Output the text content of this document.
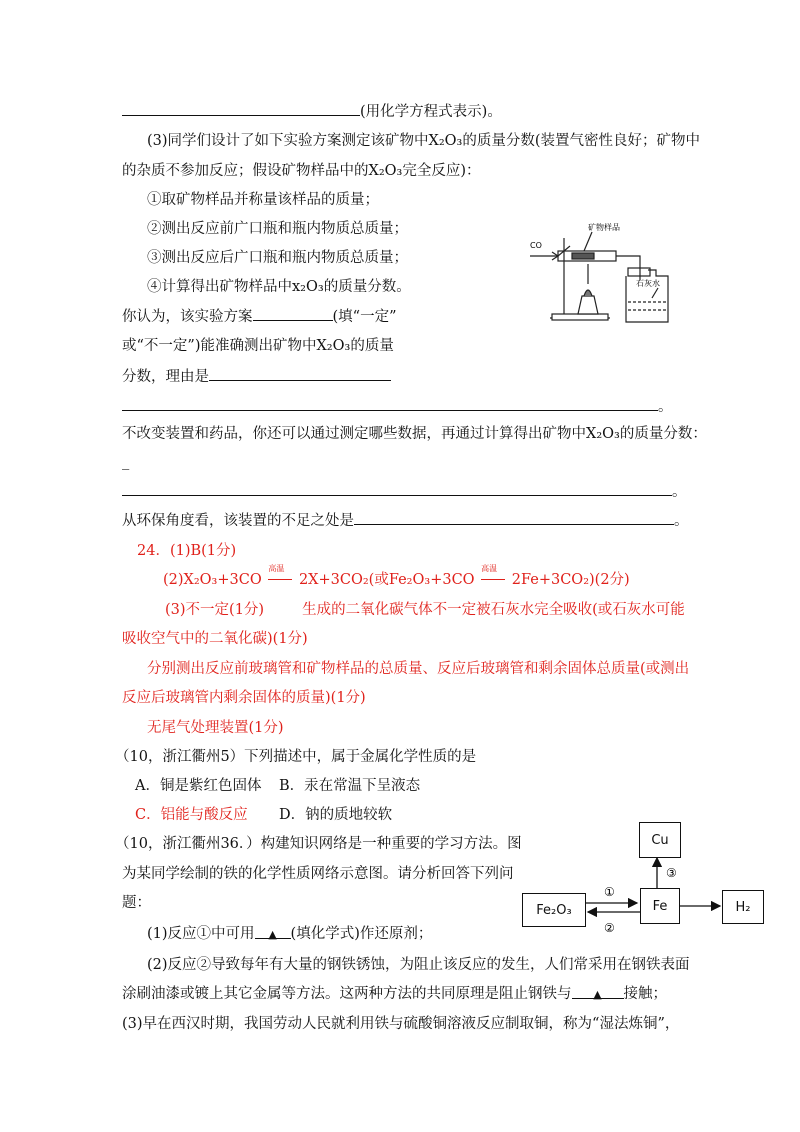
(用化学方程式表示)。
(3)同学们设计了如下实验方案测定该矿物中X₂O₃的质量分数(装置气密性良好；矿物中
的杂质不参加反应；假设矿物样品中的X₂O₃完全反应)：
①取矿物样品并称量该样品的质量；
②测出反应前广口瓶和瓶内物质总质量；
③测出反应后广口瓶和瓶内物质总质量；
④计算得出矿物样品中x₂O₃的质量分数。
你认为，该实验方案	(填“一定”
或“不一定”)能准确测出矿物中X₂O₃的质量
分数，理由是
。
不改变装置和药品，你还可以通过测定哪些数据，再通过计算得出矿物中X₂O₃的质量分数：
_
。
从环保角度看，该装置的不足之处是	。
CO
矿物样品
石灰水
24．(1)B(1分)
(2)X₂O₃+3CO
高温
2X+3CO₂(或Fe₂O₃+3CO
高温
2Fe+3CO₂)(2分)
(3)不一定(1分)	生成的二氧化碳气体不一定被石灰水完全吸收(或石灰水可能
吸收空气中的二氧化碳)(1分)
分别测出反应前玻璃管和矿物样品的总质量、反应后玻璃管和剩余固体总质量(或测出
反应后玻璃管内剩余固体的质量)(1分)
无尾气处理装置(1分)
（10，浙江衢州5）下列描述中，属于金属化学性质的是
A．铜是紫红色固体 B．汞在常温下呈液态
C．铝能与酸反应 D．钠的质地较软
（10，浙江衢州36．）构建知识网络是一种重要的学习方法。图
为某同学绘制的铁的化学性质网络示意图。请分析回答下列问
题：
(1)反应①中可用 ▲ (填化学式)作还原剂；
(2)反应②导致每年有大量的钢铁锈蚀，为阻止该反应的发生，人们常采用在钢铁表面
涂刷油漆或镀上其它金属等方法。这两种方法的共同原理是阻止钢铁与 ▲ 接触；
(3)早在西汉时期，我国劳动人民就利用铁与硫酸铜溶液反应制取铜，称为“湿法炼铜”，
①
②
③
Cu
Fe	H₂
Fe₂O₃
